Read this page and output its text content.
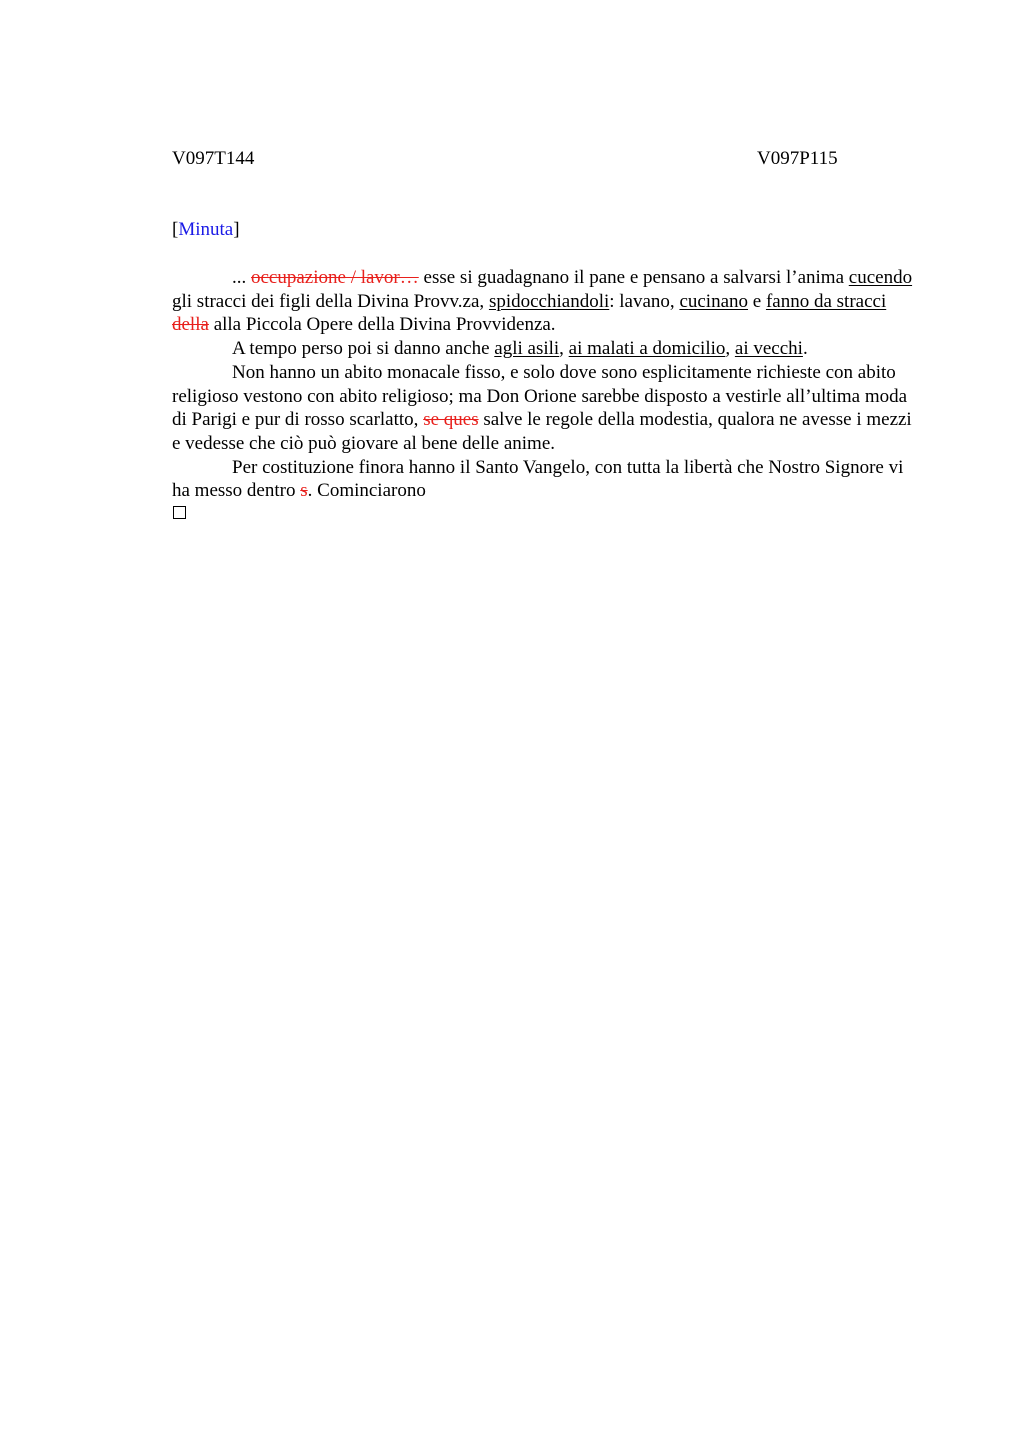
V097T144	V097P115
[Minuta]

... occupazione / lavor… esse si guadagnano il pane e pensano a salvarsi l’anima cucendo gli stracci dei figli della Divina Provv.za, spidocchiandoli: lavano, cucinano e fanno da stracci della alla Piccola Opere della Divina Provvidenza.

A tempo perso poi si danno anche agli asili, ai malati a domicilio, ai vecchi.

Non hanno un abito monacale fisso, e solo dove sono esplicitamente richieste con abito religioso vestono con abito religioso; ma Don Orione sarebbe disposto a vestirle all’ultima moda di Parigi e pur di rosso scarlatto, se ques salve le regole della modestia, qualora ne avesse i mezzi e vedesse che ciò può giovare al bene delle anime.

Per costituzione finora hanno il Santo Vangelo, con tutta la libertà che Nostro Signore vi ha messo dentro s. Cominciarono
